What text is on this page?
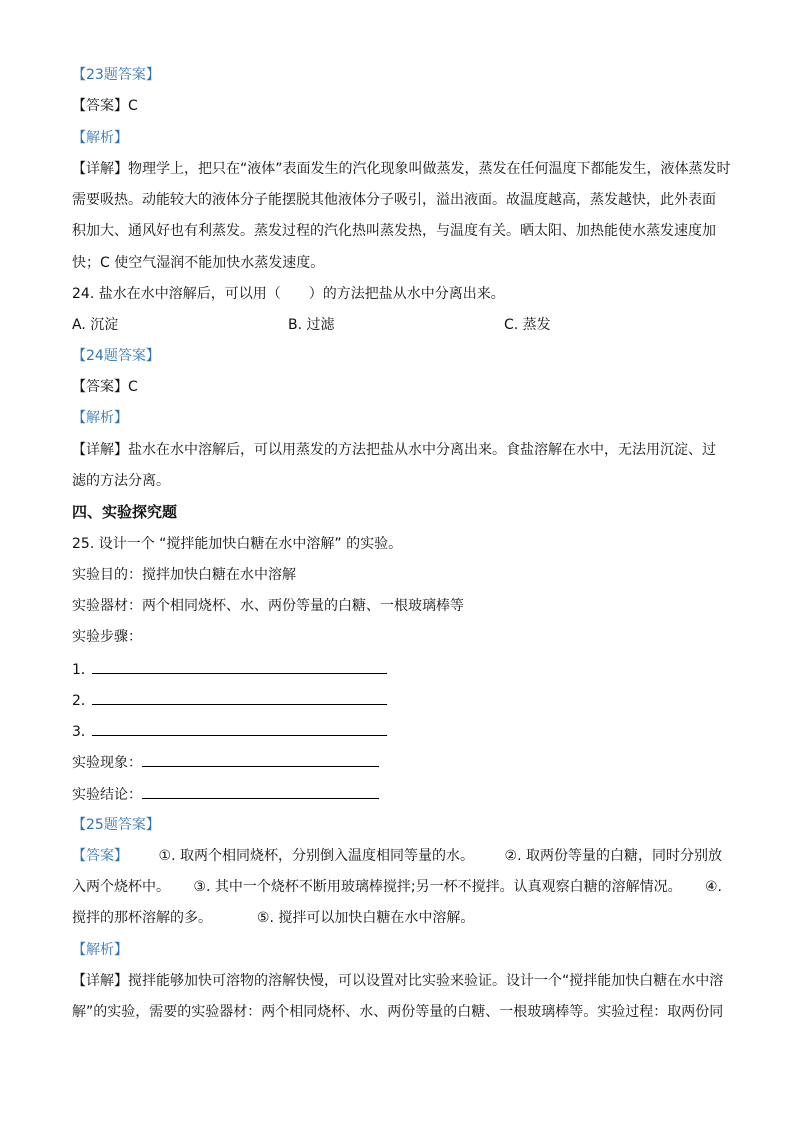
【23题答案】
【答案】C
【解析】
【详解】物理学上，把只在“液体”表面发生的汽化现象叫做蒸发，蒸发在任何温度下都能发生，液体蒸发时
需要吸热。动能较大的液体分子能摆脱其他液体分子吸引，溢出液面。故温度越高，蒸发越快，此外表面
积加大、通风好也有利蒸发。蒸发过程的汽化热叫蒸发热，与温度有关。晒太阳、加热能使水蒸发速度加
快；C 使空气湿润不能加快水蒸发速度。
24. 盐水在水中溶解后，可以用（　　）的方法把盐从水中分离出来。
A. 沉淀	B. 过滤	C. 蒸发
【24题答案】
【答案】C
【解析】
【详解】盐水在水中溶解后，可以用蒸发的方法把盐从水中分离出来。食盐溶解在水中，无法用沉淀、过
滤的方法分离。
四、实验探究题
25. 设计一个 “搅拌能加快白糖在水中溶解” 的实验。
实验目的：搅拌加快白糖在水中溶解
实验器材：两个相同烧杯、水、两份等量的白糖、一根玻璃棒等
实验步骤：
1．
2．
3．
实验现象：
实验结论：
【25题答案】
【答案】 ①. 取两个相同烧杯，分别倒入温度相同等量的水。 ②. 取两份等量的白糖，同时分别放
入两个烧杯中。 ③. 其中一个烧杯不断用玻璃棒搅拌;另一杯不搅拌。认真观察白糖的溶解情况。 ④.
搅拌的那杯溶解的多。	⑤. 搅拌可以加快白糖在水中溶解。
【解析】
【详解】搅拌能够加快可溶物的溶解快慢，可以设置对比实验来验证。设计一个“搅拌能加快白糖在水中溶
解”的实验，需要的实验器材：两个相同烧杯、水、两份等量的白糖、一根玻璃棒等。实验过程：取两份同
